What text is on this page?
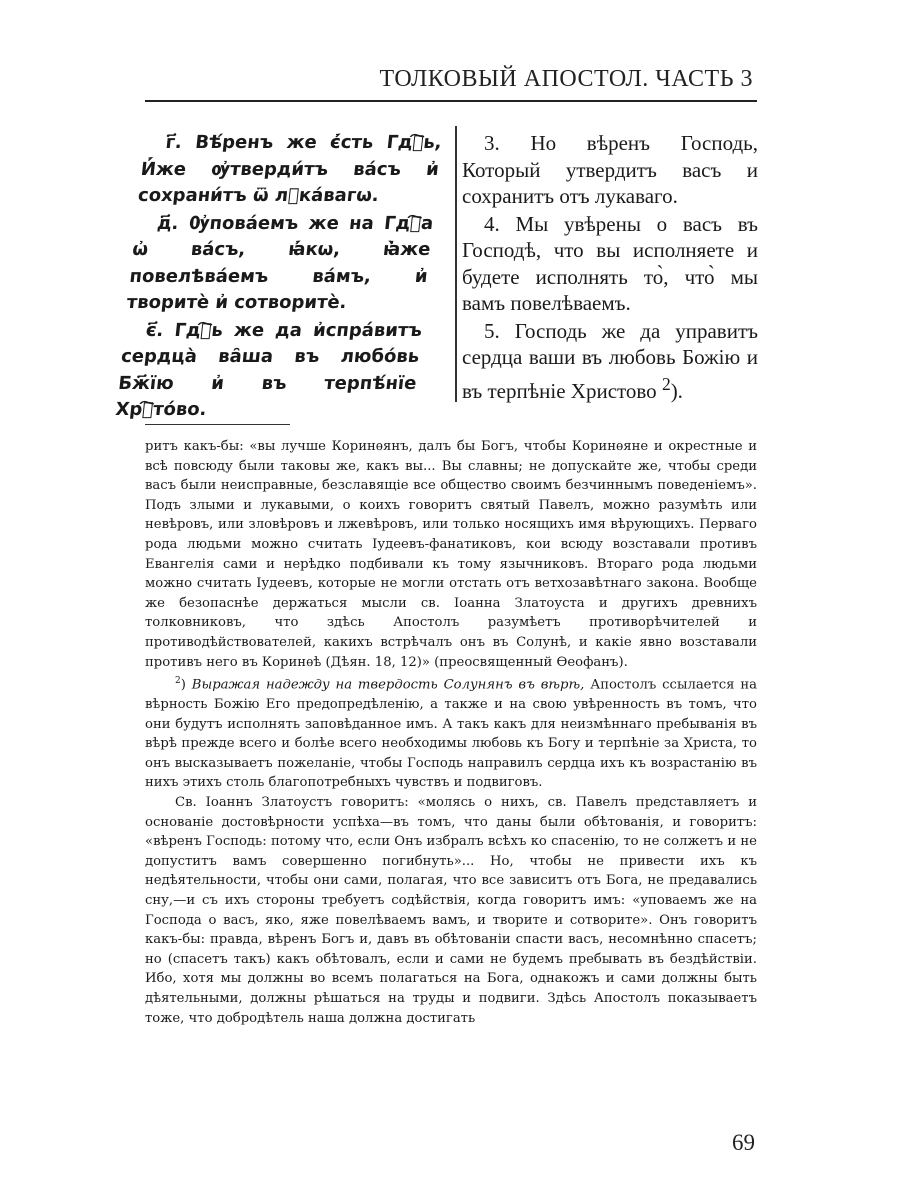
ТОЛКОВЫЙ АПОСТОЛ. ЧАСТЬ 3

г҃. Вѣ́ренъ же є҆́сть Гдⷭ҇ь, И҆́же ѹ҆тверди́тъ ва́съ и҆ сохрани́тъ ѿ лꙋка́вагѡ.

д҃. Ѹ҆пова́емъ же на Гдⷭ҇а ѡ҆ ва́съ, ꙗ҆́кѡ, ꙗ҆̀же повелѣва́емъ ва́мъ, и҆ творитѐ и҆ сотворитѐ.

є҃. Гдⷭ҇ь же да и҆спра́витъ сердца̀ ва̑ша въ любо́вь Бж҃їю и҆ въ терпѣ́нїе Хрⷭ҇то́во.

3. Но вѣренъ Господь, Который утвердитъ васъ и сохранитъ отъ лукаваго.

4. Мы увѣрены о васъ въ Господѣ, что вы исполняете и будете исполнять то̀, что̀ мы вамъ повелѣваемъ.

5. Господь же да управитъ сердца ваши въ любовь Божiю и въ терпѣнiе Христово $^2$).

ритъ какъ-бы: «вы лучше Коринѳянъ, далъ бы Богъ, чтобы Коринѳяне и окрестные и всѣ повсюду были таковы же, какъ вы... Вы славны; не допускайте же, чтобы среди васъ были неисправные, безславящiе все общество своимъ безчиннымъ поведенiемъ». Подъ злыми и лукавыми, о коихъ говоритъ святый Павелъ, можно разумѣть или невѣровъ, или зловѣровъ и лжевѣровъ, или только носящихъ имя вѣрующихъ. Перваго рода людьми можно считать Iудеевъ-фанатиковъ, кои всюду возставали противъ Евангелiя сами и нерѣдко подбивали къ тому язычниковъ. Втораго рода людьми можно считать Iудеевъ, которые не могли отстать отъ ветхозавѣтнаго закона. Вообще же безопаснѣе держаться мысли св. Iоанна Златоуста и другихъ древнихъ толковниковъ, что здѣсь Апостолъ разумѣетъ противорѣчителей и противодѣйствователей, какихъ встрѣчалъ онъ въ Солунѣ, и какiе явно возставали противъ него въ Коринѳѣ (Дѣян. 18, 12)» (преосвященный Ѳеофанъ).

$^2$) Выражая надежду на твердость Солунянъ въ вѣрѣ, Апостолъ ссылается на вѣрность Божiю Его предопредѣленiю, а также и на свою увѣренность въ томъ, что они будутъ исполнять заповѣданное имъ. А такъ какъ для неизмѣннаго пребыванiя въ вѣрѣ прежде всего и болѣе всего необходимы любовь къ Богу и терпѣнiе за Христа, то онъ высказываетъ пожеланiе, чтобы Господь направилъ сердца ихъ къ возрастанiю въ нихъ этихъ столь благопотребныхъ чувствъ и подвиговъ.

Св. Iоаннъ Златоустъ говоритъ: «молясь о нихъ, св. Павелъ представляетъ и основанiе достовѣрности успѣха—въ томъ, что даны были обѣтованiя, и говоритъ: «вѣренъ Господь: потому что, если Онъ избралъ всѣхъ ко спасенiю, то не солжетъ и не допуститъ вамъ совершенно погибнуть»... Но, чтобы не привести ихъ къ недѣятельности, чтобы они сами, полагая, что все зависитъ отъ Бога, не предавались сну,—и съ ихъ стороны требуетъ содѣйствiя, когда говоритъ имъ: «уповаемъ же на Господа о васъ, яко, яже повелѣваемъ вамъ, и творите и сотворите». Онъ говоритъ какъ-бы: правда, вѣренъ Богъ и, давъ въ обѣтованiи спасти васъ, несомнѣнно спасетъ; но (спасетъ такъ) какъ обѣтовалъ, если и сами не будемъ пребывать въ бездѣйствiи. Ибо, хотя мы должны во всемъ полагаться на Бога, однакожъ и сами должны быть дѣятельными, должны рѣшаться на труды и подвиги. Здѣсь Апостолъ показываетъ тоже, что добродѣтель наша должна достигать

69
